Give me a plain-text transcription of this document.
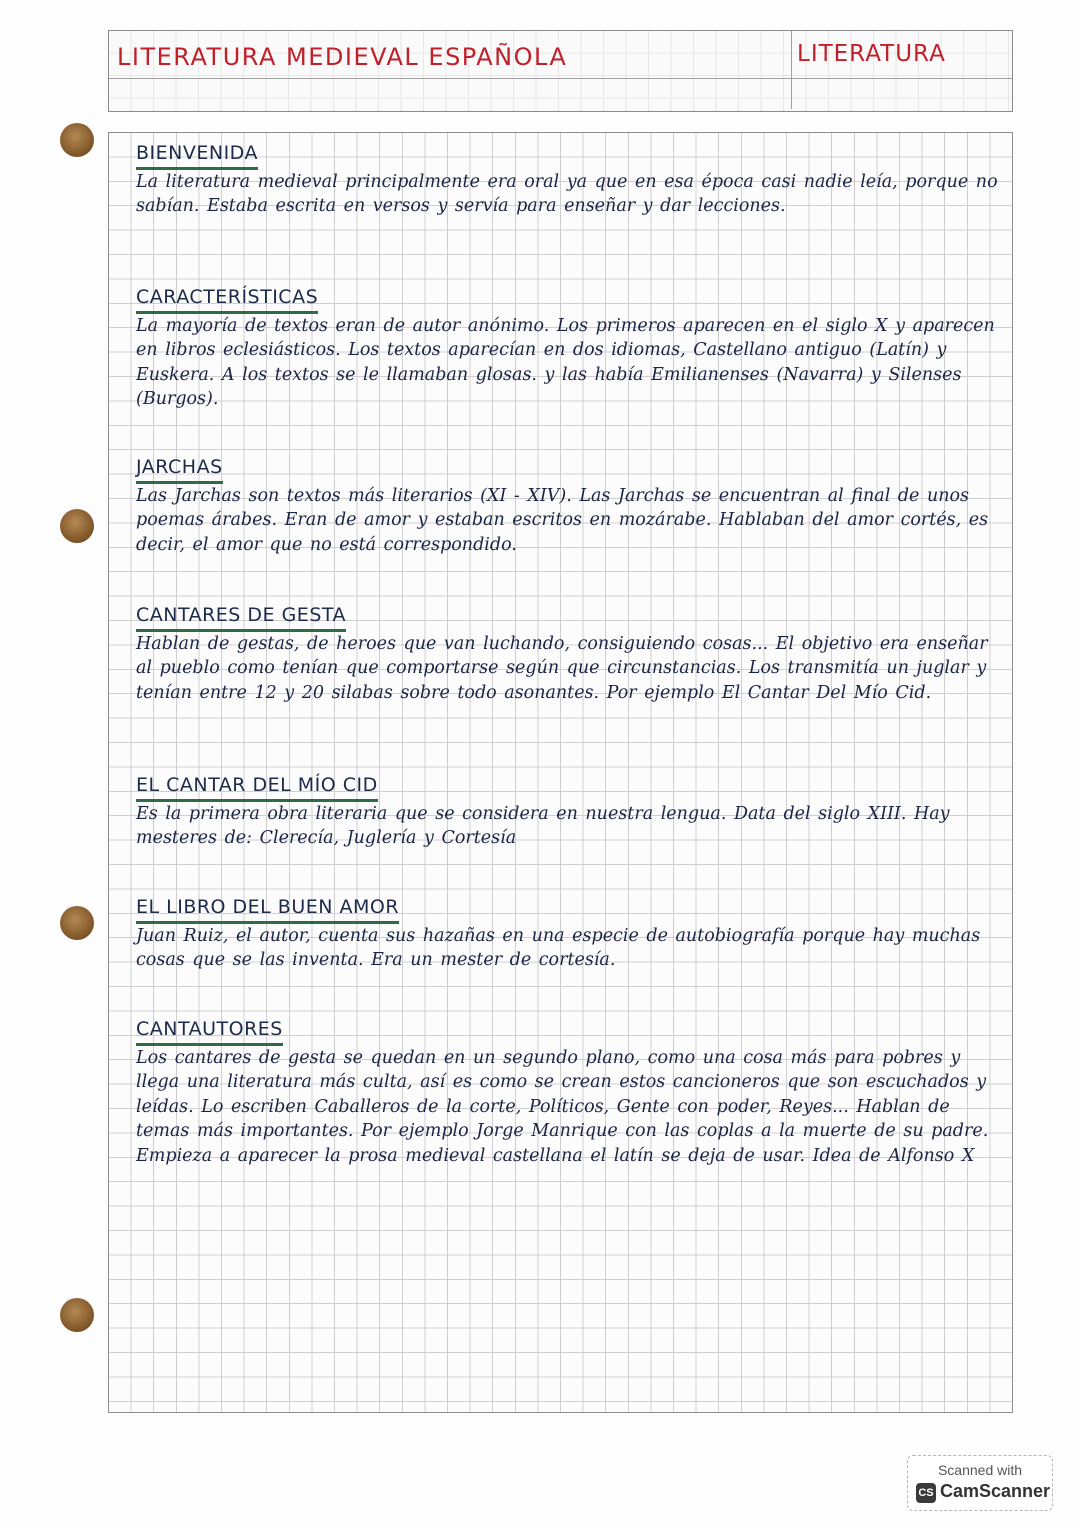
LITERATURA MEDIEVAL ESPAÑOLA	LITERATURA
BIENVENIDA

La literatura medieval principalmente era oral ya que en esa época casi nadie leía, porque no sabían. Estaba escrita en versos y servía para enseñar y dar lecciones.

CARACTERÍSTICAS

La mayoría de textos eran de autor anónimo. Los primeros aparecen en el siglo X y aparecen en libros eclesiásticos. Los textos aparecían en dos idiomas, Castellano antiguo (Latín) y Euskera. A los textos se le llamaban glosas. y las había Emilianenses (Navarra) y Silenses (Burgos).

JARCHAS

Las Jarchas son textos más literarios (XI - XIV). Las Jarchas se encuentran al final de unos poemas árabes. Eran de amor y estaban escritos en mozárabe. Hablaban del amor cortés, es decir, el amor que no está correspondido.

CANTARES DE GESTA

Hablan de gestas, de heroes que van luchando, consiguiendo cosas... El objetivo era enseñar al pueblo como tenían que comportarse según que circunstancias. Los transmitía un juglar y tenían entre 12 y 20 silabas sobre todo asonantes. Por ejemplo El Cantar Del Mío Cid.

EL CANTAR DEL MÍO CID

Es la primera obra literaria que se considera en nuestra lengua. Data del siglo XIII. Hay mesteres de: Clerecía, Juglería y Cortesía

EL LIBRO DEL BUEN AMOR

Juan Ruiz, el autor, cuenta sus hazañas en una especie de autobiografía porque hay muchas cosas que se las inventa. Era un mester de cortesía.

CANTAUTORES

Los cantares de gesta se quedan en un segundo plano, como una cosa más para pobres y llega una literatura más culta, así es como se crean estos cancioneros que son escuchados y leídas. Lo escriben Caballeros de la corte, Políticos, Gente con poder, Reyes... Hablan de temas más importantes. Por ejemplo Jorge Manrique con las coplas a la muerte de su padre. Empieza a aparecer la prosa medieval castellana el latín se deja de usar. Idea de Alfonso X

Scanned with
CS CamScanner
